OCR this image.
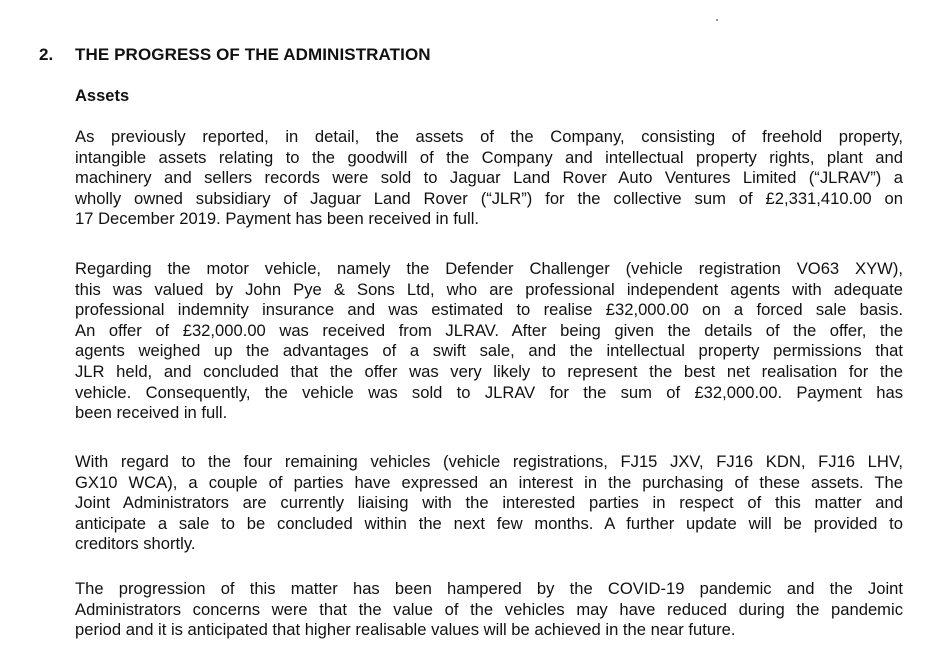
2. THE PROGRESS OF THE ADMINISTRATION
Assets
As previously reported, in detail, the assets of the Company, consisting of freehold property,
intangible assets relating to the goodwill of the Company and intellectual property rights, plant and
machinery and sellers records were sold to Jaguar Land Rover Auto Ventures Limited (“JLRAV”) a
wholly owned subsidiary of Jaguar Land Rover (“JLR”) for the collective sum of £2,331,410.00 on
17 December 2019. Payment has been received in full.
Regarding the motor vehicle, namely the Defender Challenger (vehicle registration VO63 XYW),
this was valued by John Pye & Sons Ltd, who are professional independent agents with adequate
professional indemnity insurance and was estimated to realise £32,000.00 on a forced sale basis.
An offer of £32,000.00 was received from JLRAV. After being given the details of the offer, the
agents weighed up the advantages of a swift sale, and the intellectual property permissions that
JLR held, and concluded that the offer was very likely to represent the best net realisation for the
vehicle. Consequently, the vehicle was sold to JLRAV for the sum of £32,000.00. Payment has
been received in full.
With regard to the four remaining vehicles (vehicle registrations, FJ15 JXV, FJ16 KDN, FJ16 LHV,
GX10 WCA), a couple of parties have expressed an interest in the purchasing of these assets. The
Joint Administrators are currently liaising with the interested parties in respect of this matter and
anticipate a sale to be concluded within the next few months. A further update will be provided to
creditors shortly.
The progression of this matter has been hampered by the COVID-19 pandemic and the Joint
Administrators concerns were that the value of the vehicles may have reduced during the pandemic
period and it is anticipated that higher realisable values will be achieved in the near future.
